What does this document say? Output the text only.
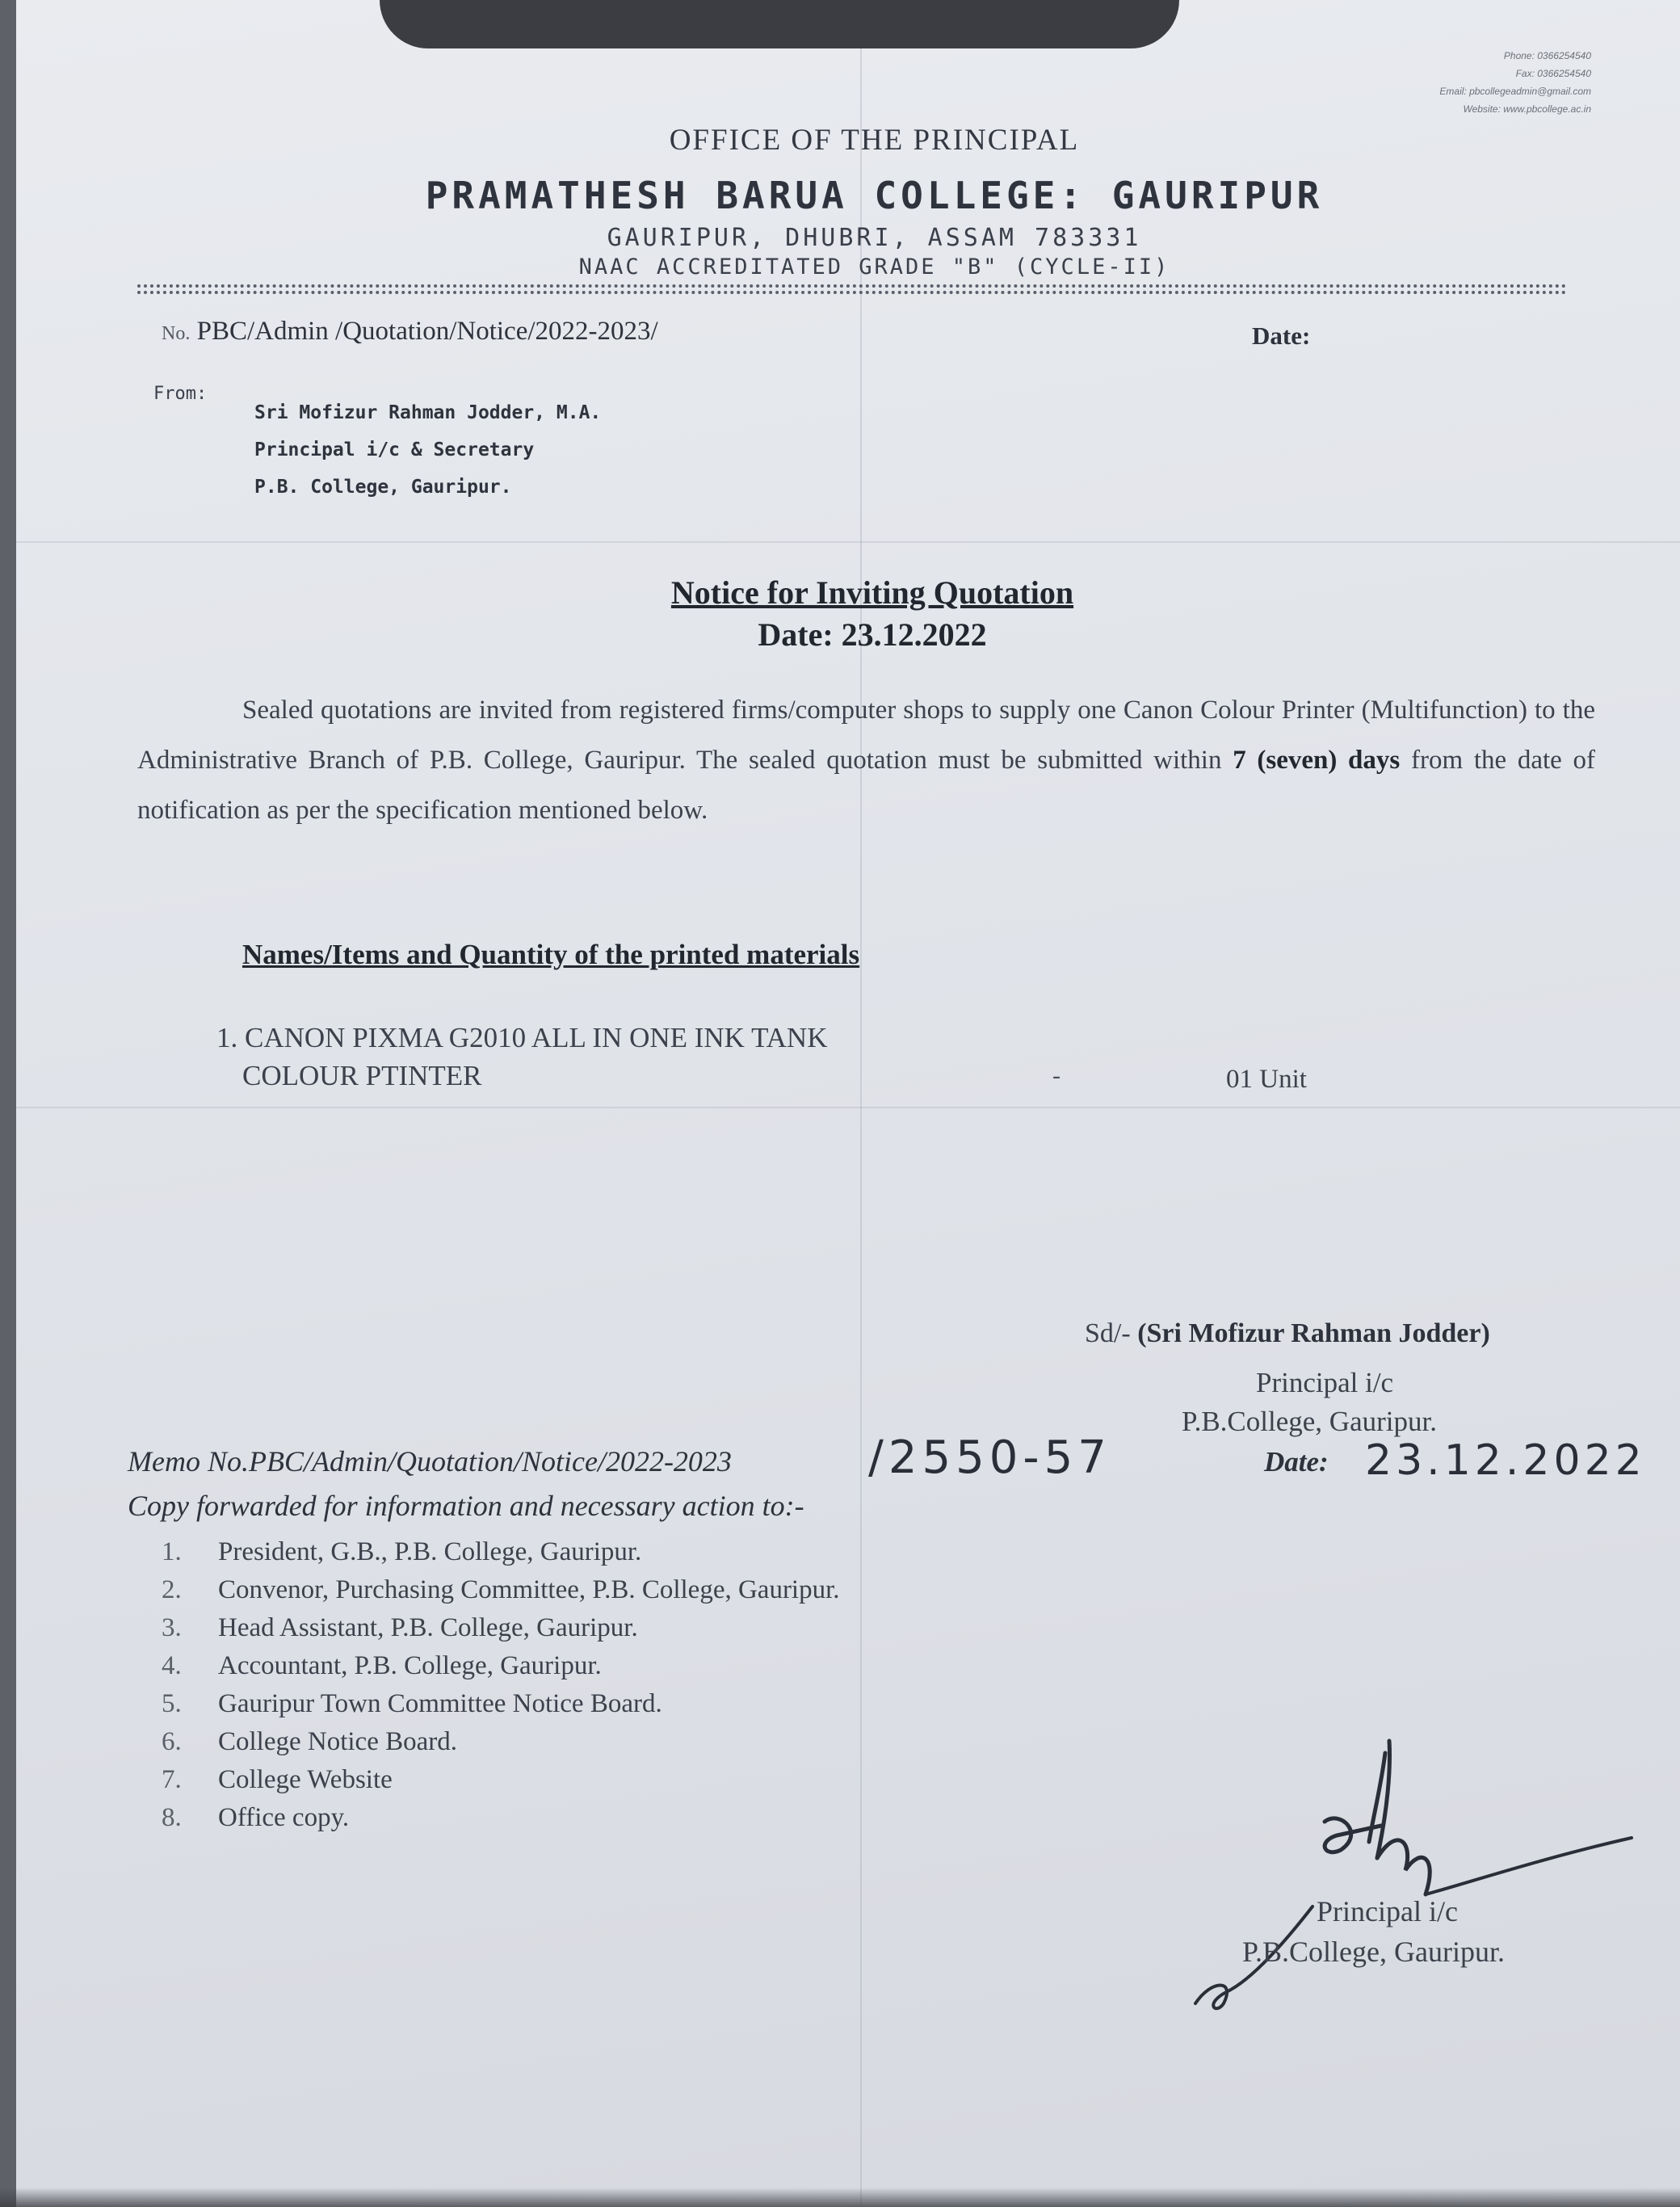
Phone: 0366254540
Fax: 0366254540
Email: pbcollegeadmin@gmail.com
Website: www.pbcollege.ac.in
OFFICE OF THE PRINCIPAL
PRAMATHESH BARUA COLLEGE: GAURIPUR
GAURIPUR, DHUBRI, ASSAM 783331
NAAC ACCREDITATED GRADE "B" (CYCLE-II)
No. PBC/Admin /Quotation/Notice/2022-2023/	Date:
From:
Sri Mofizur Rahman Jodder, M.A.
Principal i/c & Secretary
P.B. College, Gauripur.
Notice for Inviting Quotation
Date: 23.12.2022
Sealed quotations are invited from registered firms/computer shops to supply one Canon Colour Printer (Multifunction) to the Administrative Branch of P.B. College, Gauripur. The sealed quotation must be submitted within 7 (seven) days from the date of notification as per the specification mentioned below.
Names/Items and Quantity of the printed materials
1. CANON PIXMA G2010 ALL IN ONE INK TANK
COLOUR PTINTER	-	01 Unit
Sd/- (Sri Mofizur Rahman Jodder)
Principal i/c
P.B.College, Gauripur.
Memo No.PBC/Admin/Quotation/Notice/2022-2023	/2550-57	Date: 23.12.2022
Copy forwarded for information and necessary action to:-
1. President, G.B., P.B. College, Gauripur.
2. Convenor, Purchasing Committee, P.B. College, Gauripur.
3. Head Assistant, P.B. College, Gauripur.
4. Accountant, P.B. College, Gauripur.
5. Gauripur Town Committee Notice Board.
6. College Notice Board.
7. College Website
8. Office copy.
Principal i/c
P.B.College, Gauripur.
